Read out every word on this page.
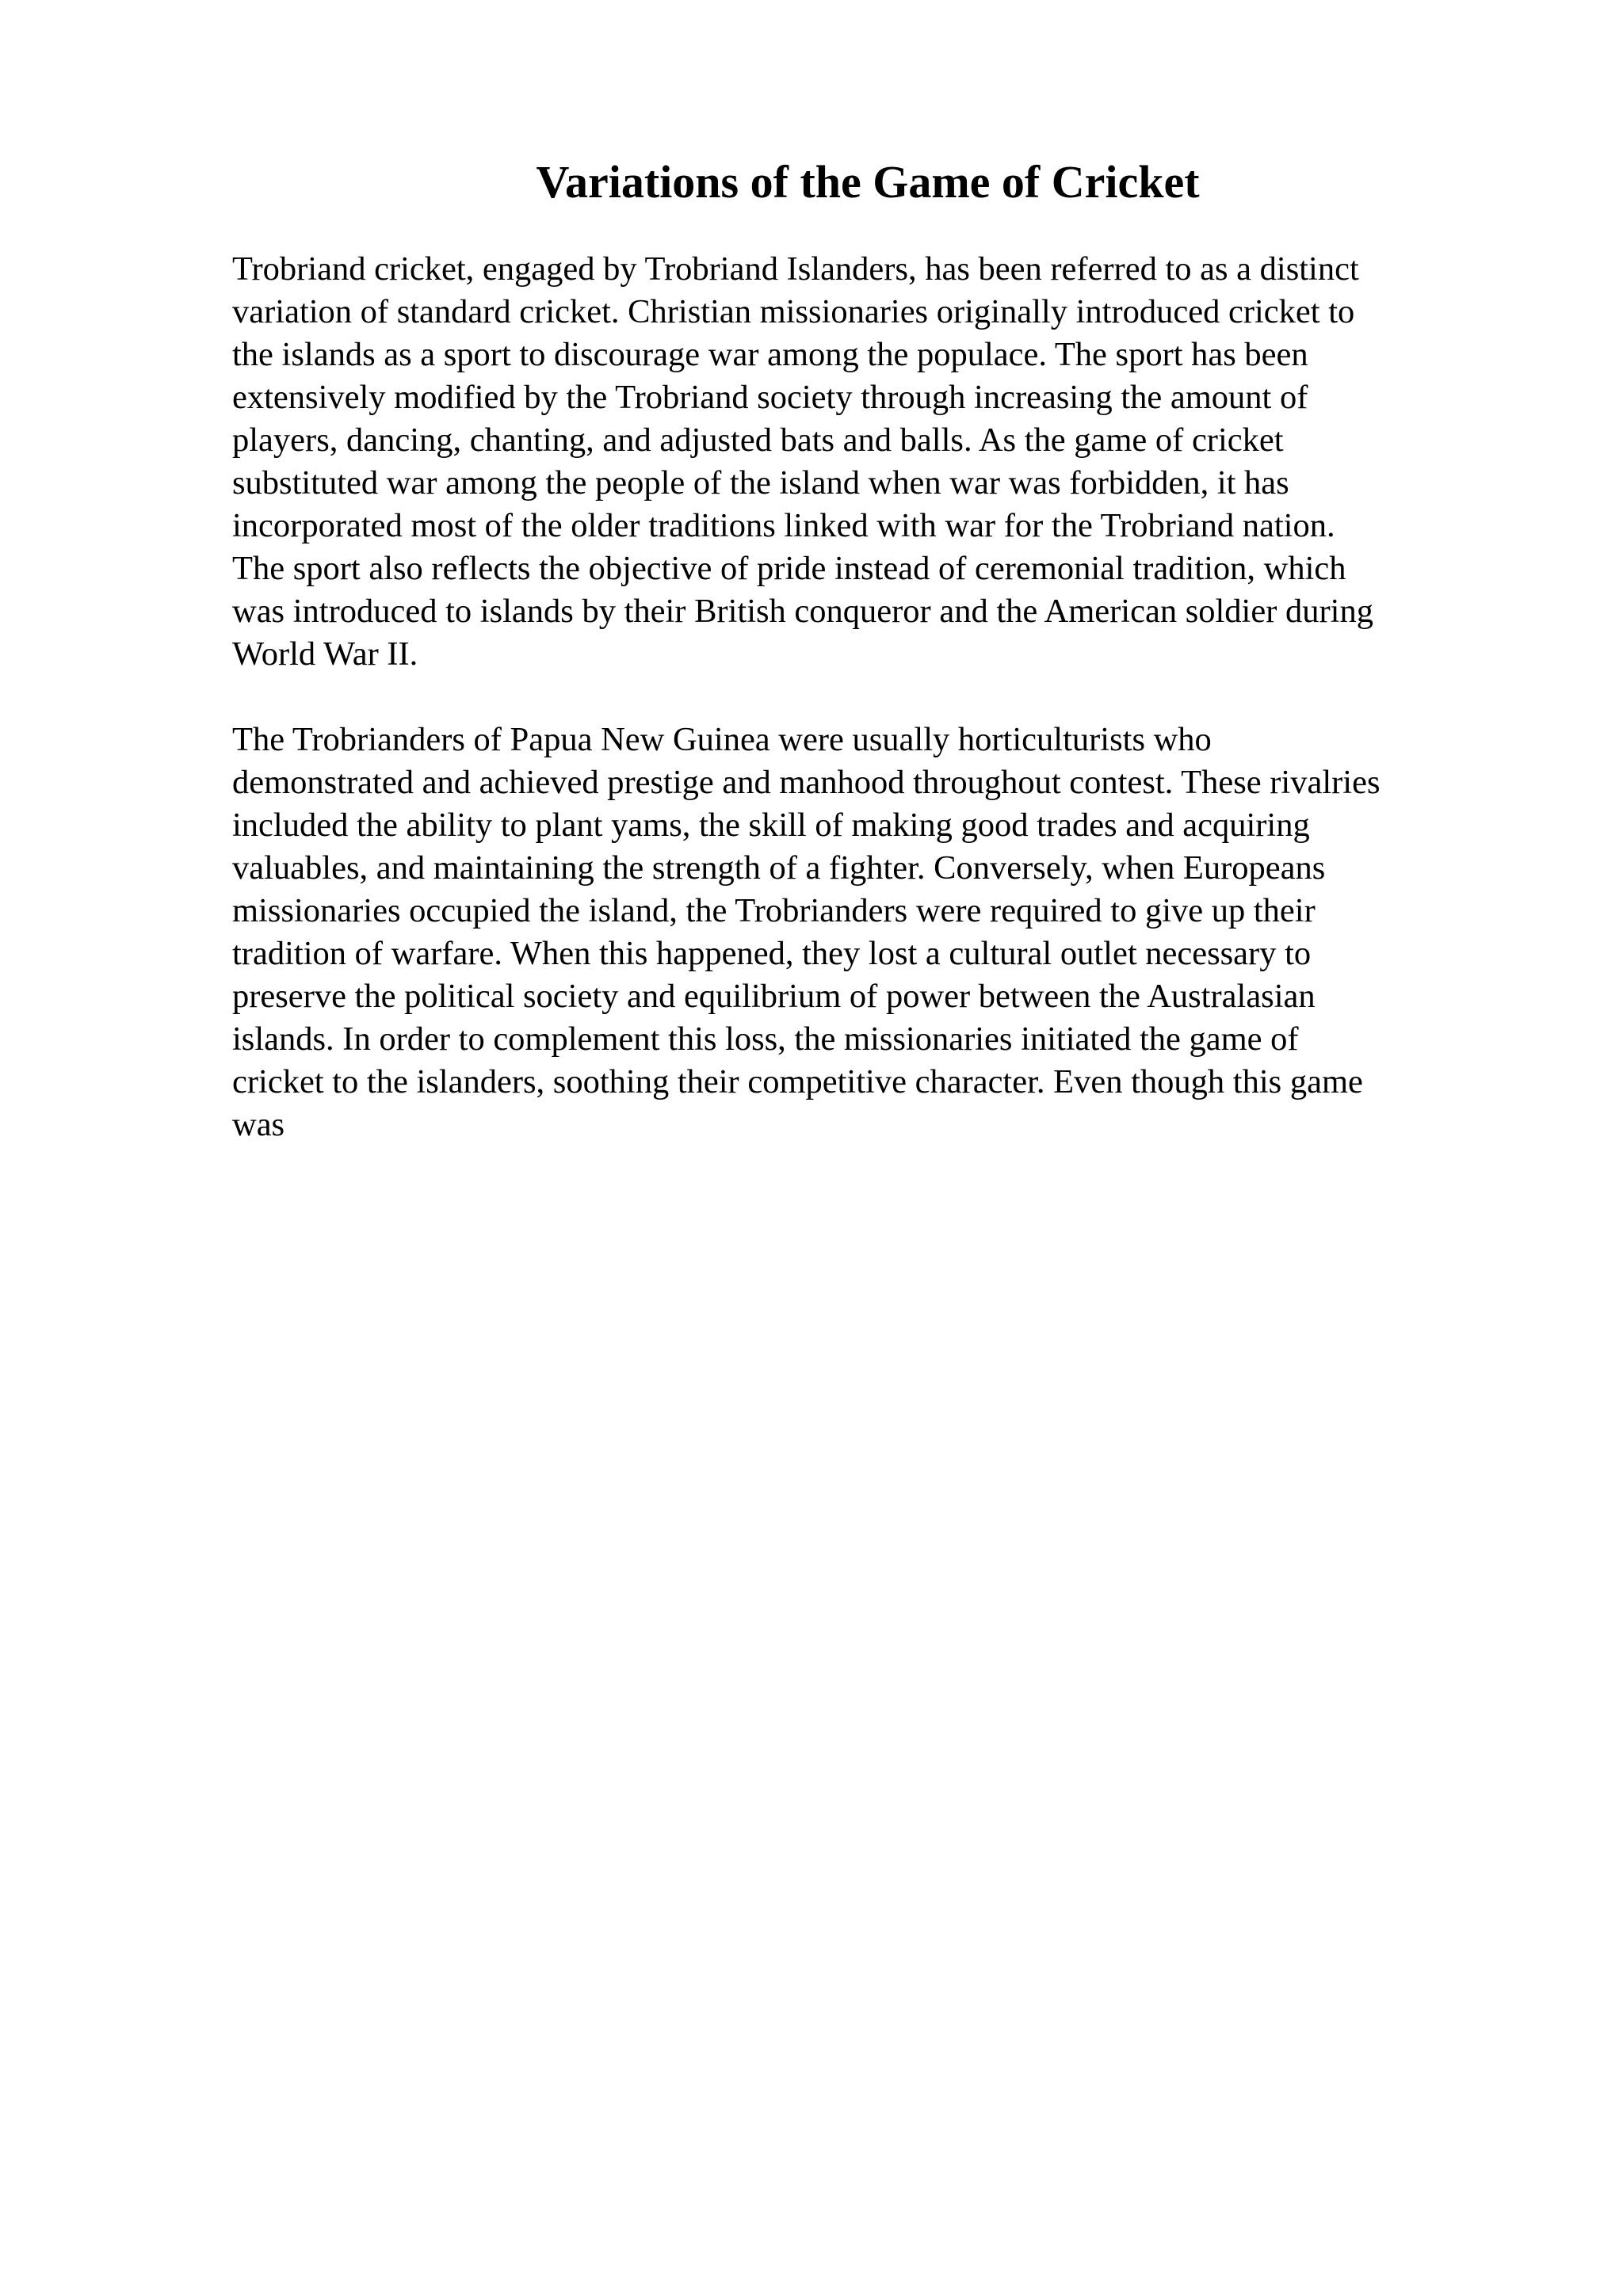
Variations of the Game of Cricket

Trobriand cricket, engaged by Trobriand Islanders, has been referred to as a distinct

variation of standard cricket. Christian missionaries originally introduced cricket to

the islands as a sport to discourage war among the populace. The sport has been

extensively modified by the Trobriand society through increasing the amount of

players, dancing, chanting, and adjusted bats and balls. As the game of cricket

substituted war among the people of the island when war was forbidden, it has

incorporated most of the older traditions linked with war for the Trobriand nation.

The sport also reflects the objective of pride instead of ceremonial tradition, which

was introduced to islands by their British conqueror and the American soldier during

World War II.

The Trobrianders of Papua New Guinea were usually horticulturists who

demonstrated and achieved prestige and manhood throughout contest. These rivalries

included the ability to plant yams, the skill of making good trades and acquiring

valuables, and maintaining the strength of a fighter. Conversely, when Europeans

missionaries occupied the island, the Trobrianders were required to give up their

tradition of warfare. When this happened, they lost a cultural outlet necessary to

preserve the political society and equilibrium of power between the Australasian

islands. In order to complement this loss, the missionaries initiated the game of

cricket to the islanders, soothing their competitive character. Even though this game

was
